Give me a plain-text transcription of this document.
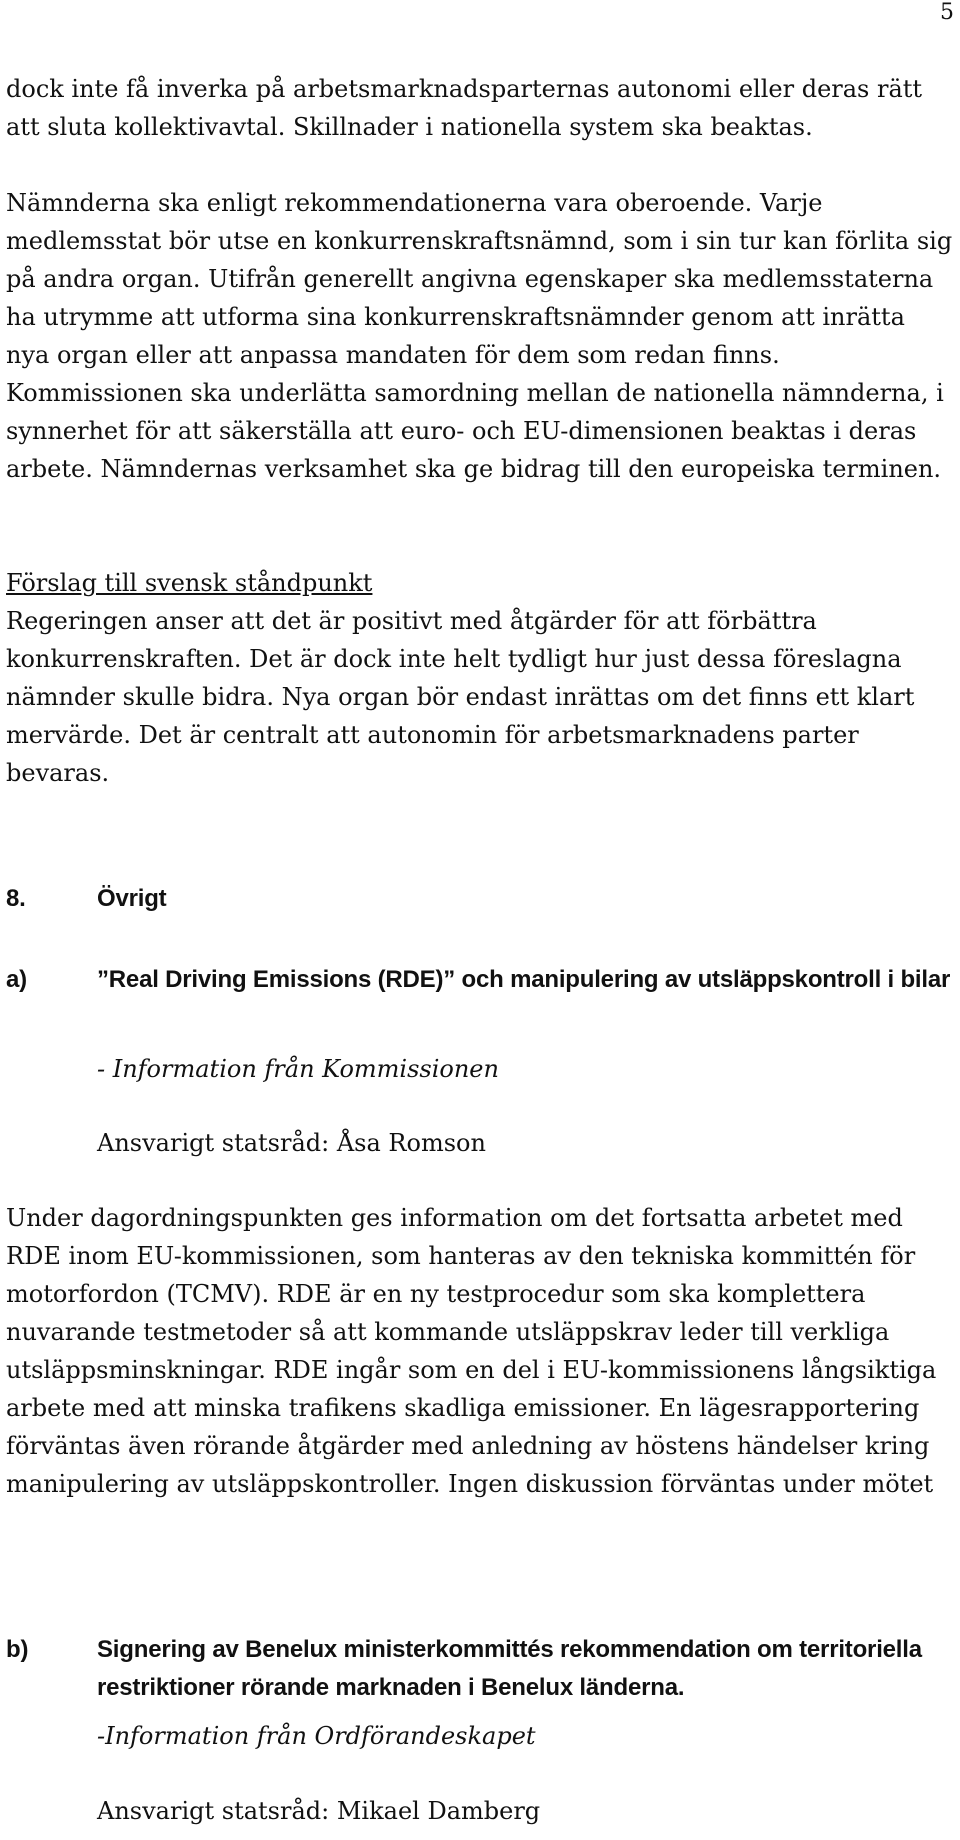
5

dock inte få inverka på arbetsmarknadsparternas autonomi eller deras rätt att sluta kollektivavtal. Skillnader i nationella system ska beaktas.

Nämnderna ska enligt rekommendationerna vara oberoende. Varje medlemsstat bör utse en konkurrenskraftsnämnd, som i sin tur kan förlita sig på andra organ. Utifrån generellt angivna egenskaper ska medlemsstaterna ha utrymme att utforma sina konkurrenskraftsnämnder genom att inrätta nya organ eller att anpassa mandaten för dem som redan finns. Kommissionen ska underlätta samordning mellan de nationella nämnderna, i synnerhet för att säkerställa att euro- och EU-dimensionen beaktas i deras arbete. Nämndernas verksamhet ska ge bidrag till den europeiska terminen.

Förslag till svensk ståndpunkt

Regeringen anser att det är positivt med åtgärder för att förbättra konkurrenskraften. Det är dock inte helt tydligt hur just dessa föreslagna nämnder skulle bidra. Nya organ bör endast inrättas om det finns ett klart mervärde. Det är centralt att autonomin för arbetsmarknadens parter bevaras.

8.	Övrigt
a)	”Real Driving Emissions (RDE)” och manipulering av utsläppskontroll i bilar

- Information från Kommissionen

Ansvarigt statsråd: Åsa Romson

Under dagordningspunkten ges information om det fortsatta arbetet med RDE inom EU-kommissionen, som hanteras av den tekniska kommittén för motorfordon (TCMV). RDE är en ny testprocedur som ska komplettera nuvarande testmetoder så att kommande utsläppskrav leder till verkliga utsläppsminskningar. RDE ingår som en del i EU-kommissionens långsiktiga arbete med att minska trafikens skadliga emissioner. En lägesrapportering förväntas även rörande åtgärder med anledning av höstens händelser kring manipulering av utsläppskontroller. Ingen diskussion förväntas under mötet

b)	Signering av Benelux ministerkommittés rekommendation om territoriella restriktioner rörande marknaden i Benelux länderna.

-Information från Ordförandeskapet

Ansvarigt statsråd: Mikael Damberg
